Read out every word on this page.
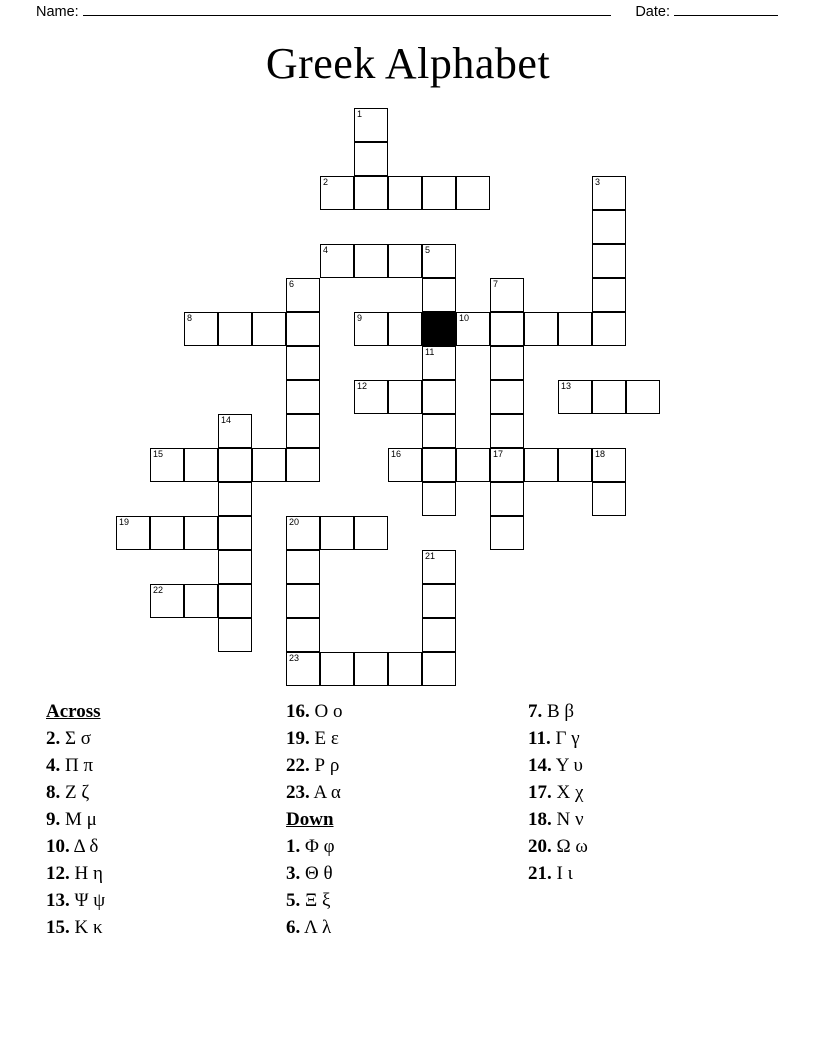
Name:	Date:
Greek Alphabet
1
2	3
4	5
6	7
8	9	10
11
12	13
14
15	16	17	18
19	20
21
22
23
Across
2. Σ σ
4. Π π
8. Ζ ζ
9. Μ μ
10. Δ δ
12. Η η
13. Ψ ψ
15. Κ κ
16. Ο ο
19. Ε ε
22. Ρ ρ
23. Α α
Down
1. Φ φ
3. Θ θ
5. Ξ ξ
6. Λ λ
7. Β β
11. Γ γ
14. Υ υ
17. Χ χ
18. Ν ν
20. Ω ω
21. Ι ι
